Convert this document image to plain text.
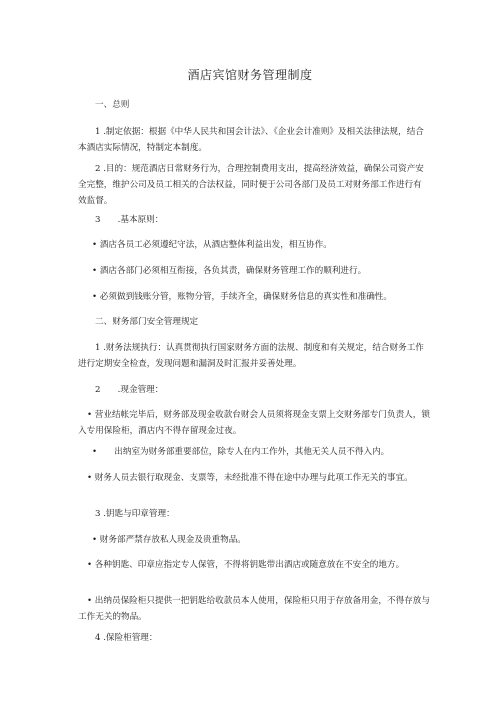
酒店宾馆财务管理制度

一、总则

1 .制定依据：根据《中华人民共和国会计法》、《企业会计准则》及相关法律法规，结合本酒店实际情况，特制定本制度。

2 .目的：规范酒店日常财务行为，合理控制费用支出，提高经济效益，确保公司资产安全完整，维护公司及员工相关的合法权益，同时便于公司各部门及员工对财务部工作进行有效监督。

3　　.基本原则：

• 酒店各员工必须遵纪守法，从酒店整体利益出发，相互协作。

• 酒店各部门必须相互衔接，各负其责，确保财务管理工作的顺利进行。

• 必须做到钱账分管，账物分管，手续齐全，确保财务信息的真实性和准确性。

二、财务部门安全管理规定

1 .财务法规执行：认真贯彻执行国家财务方面的法规、制度和有关规定，结合财务工作进行定期安全检查，发现问题和漏洞及时汇报并妥善处理。

2　　.现金管理：

• 营业结帐完毕后，财务部及现金收款台财会人员须将现金支票上交财务部专门负责人，锁入专用保险柜，酒店内不得存留现金过夜。

•　　出纳室为财务部重要部位，除专人在内工作外，其他无关人员不得入内。

• 财务人员去银行取现金、支票等，未经批准不得在途中办理与此项工作无关的事宜。

3 .钥匙与印章管理：

• 财务部严禁存放私人现金及贵重物品。

• 各种钥匙、印章应指定专人保管，不得将钥匙带出酒店或随意放在不安全的地方。

• 出纳员保险柜只提供一把钥匙给收款员本人使用，保险柜只用于存放备用金，不得存放与工作无关的物品。

4 .保险柜管理：
